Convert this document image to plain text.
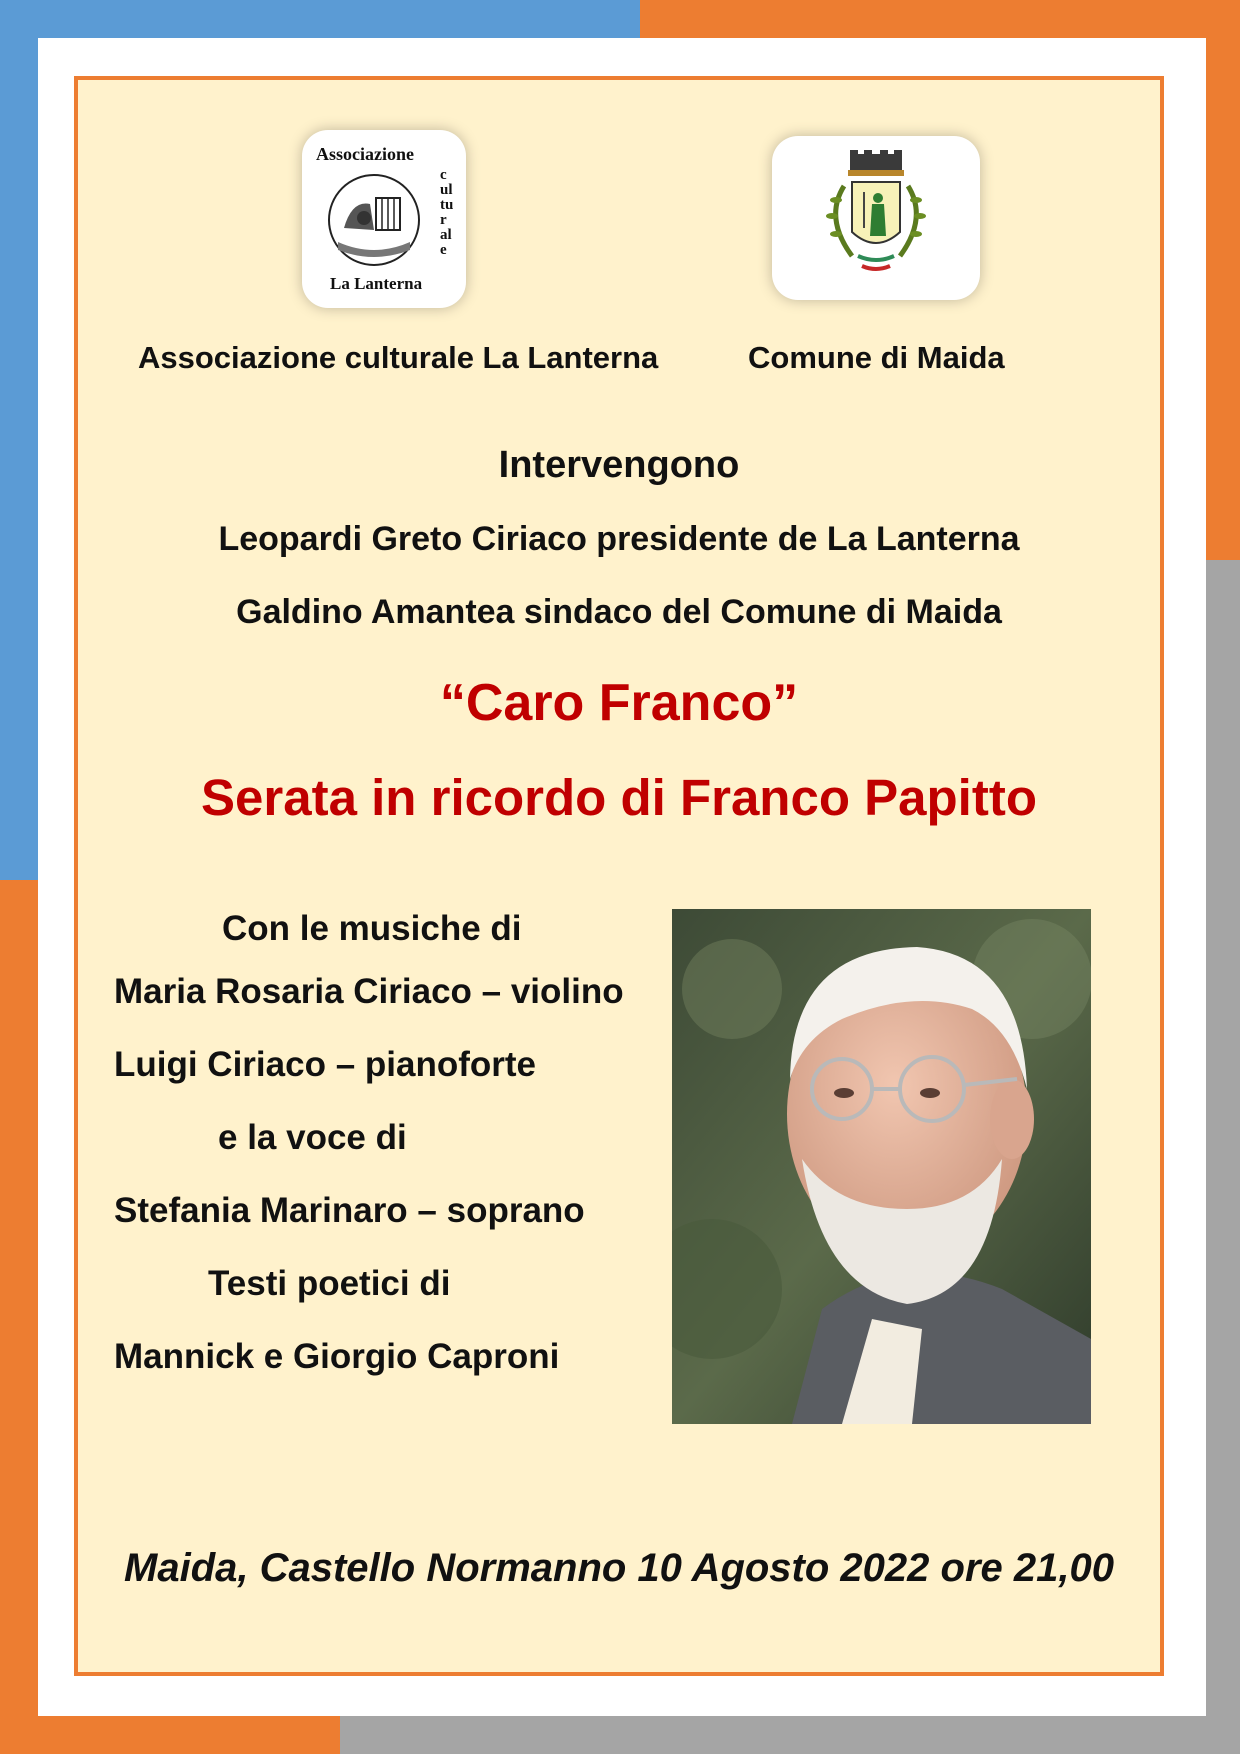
Associazione
culturale
La Lanterna
Associazione culturale La Lanterna	Comune di Maida
Intervengono
Leopardi Greto Ciriaco presidente de La Lanterna
Galdino Amantea sindaco del Comune di Maida
“Caro Franco”
Serata in ricordo di Franco Papitto
Con le musiche di
Maria Rosaria Ciriaco – violino
Luigi Ciriaco – pianoforte
e la voce di
Stefania Marinaro – soprano
Testi poetici di
Mannick e Giorgio Caproni
Maida, Castello Normanno 10 Agosto 2022 ore 21,00
